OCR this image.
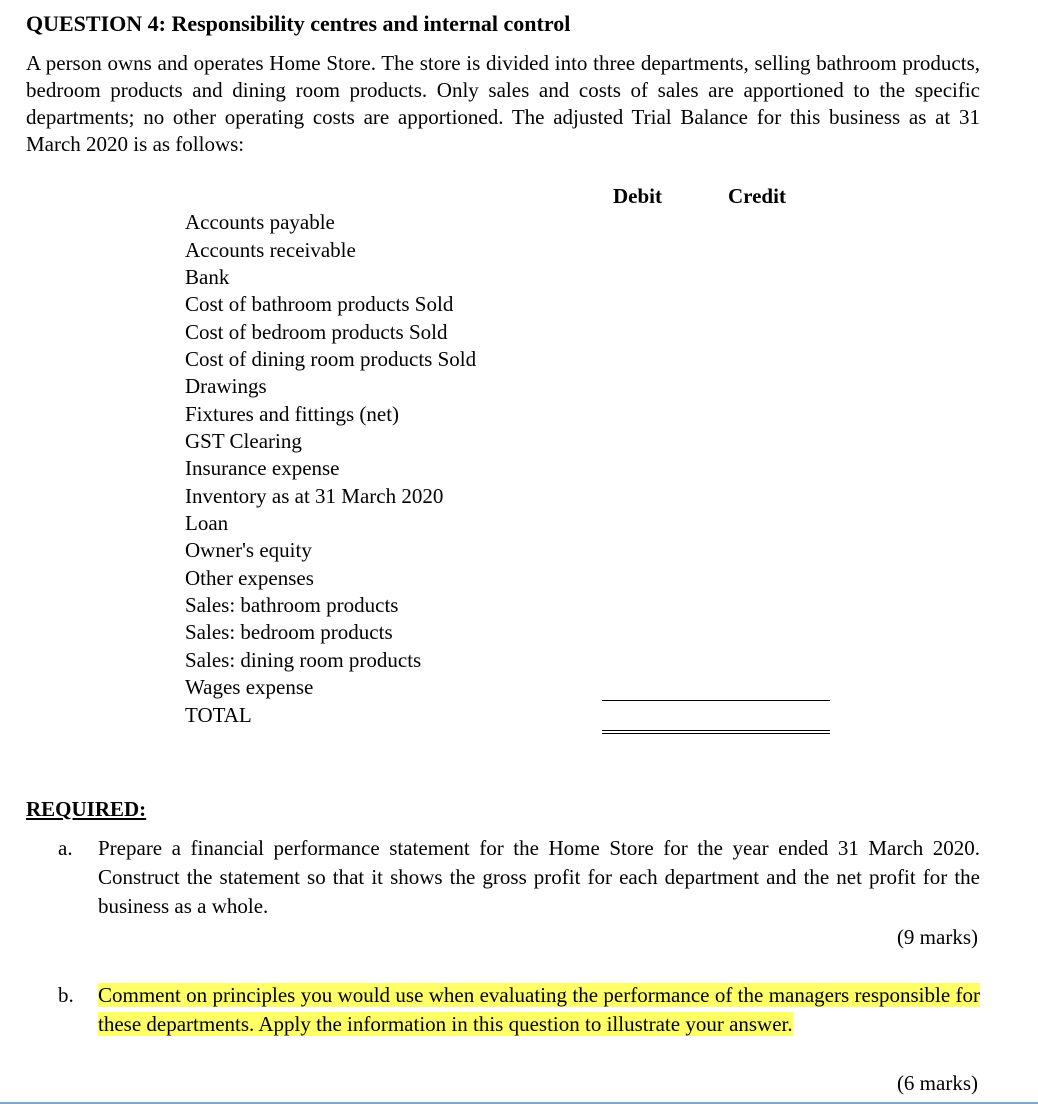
QUESTION 4: Responsibility centres and internal control
A person owns and operates Home Store. The store is divided into three departments, selling bathroom products, bedroom products and dining room products. Only sales and costs of sales are apportioned to the specific departments; no other operating costs are apportioned. The adjusted Trial Balance for this business as at 31 March 2020 is as follows:
Debit	Credit
Accounts payable
Accounts receivable
Bank
Cost of bathroom products Sold
Cost of bedroom products Sold
Cost of dining room products Sold
Drawings
Fixtures and fittings (net)
GST Clearing
Insurance expense
Inventory as at 31 March 2020
Loan
Owner's equity
Other expenses
Sales: bathroom products
Sales: bedroom products
Sales: dining room products
Wages expense
TOTAL
REQUIRED:
a. Prepare a financial performance statement for the Home Store for the year ended 31 March 2020. Construct the statement so that it shows the gross profit for each department and the net profit for the business as a whole.
(9 marks)
b. Comment on principles you would use when evaluating the performance of the managers responsible for these departments. Apply the information in this question to illustrate your answer.
(6 marks)
